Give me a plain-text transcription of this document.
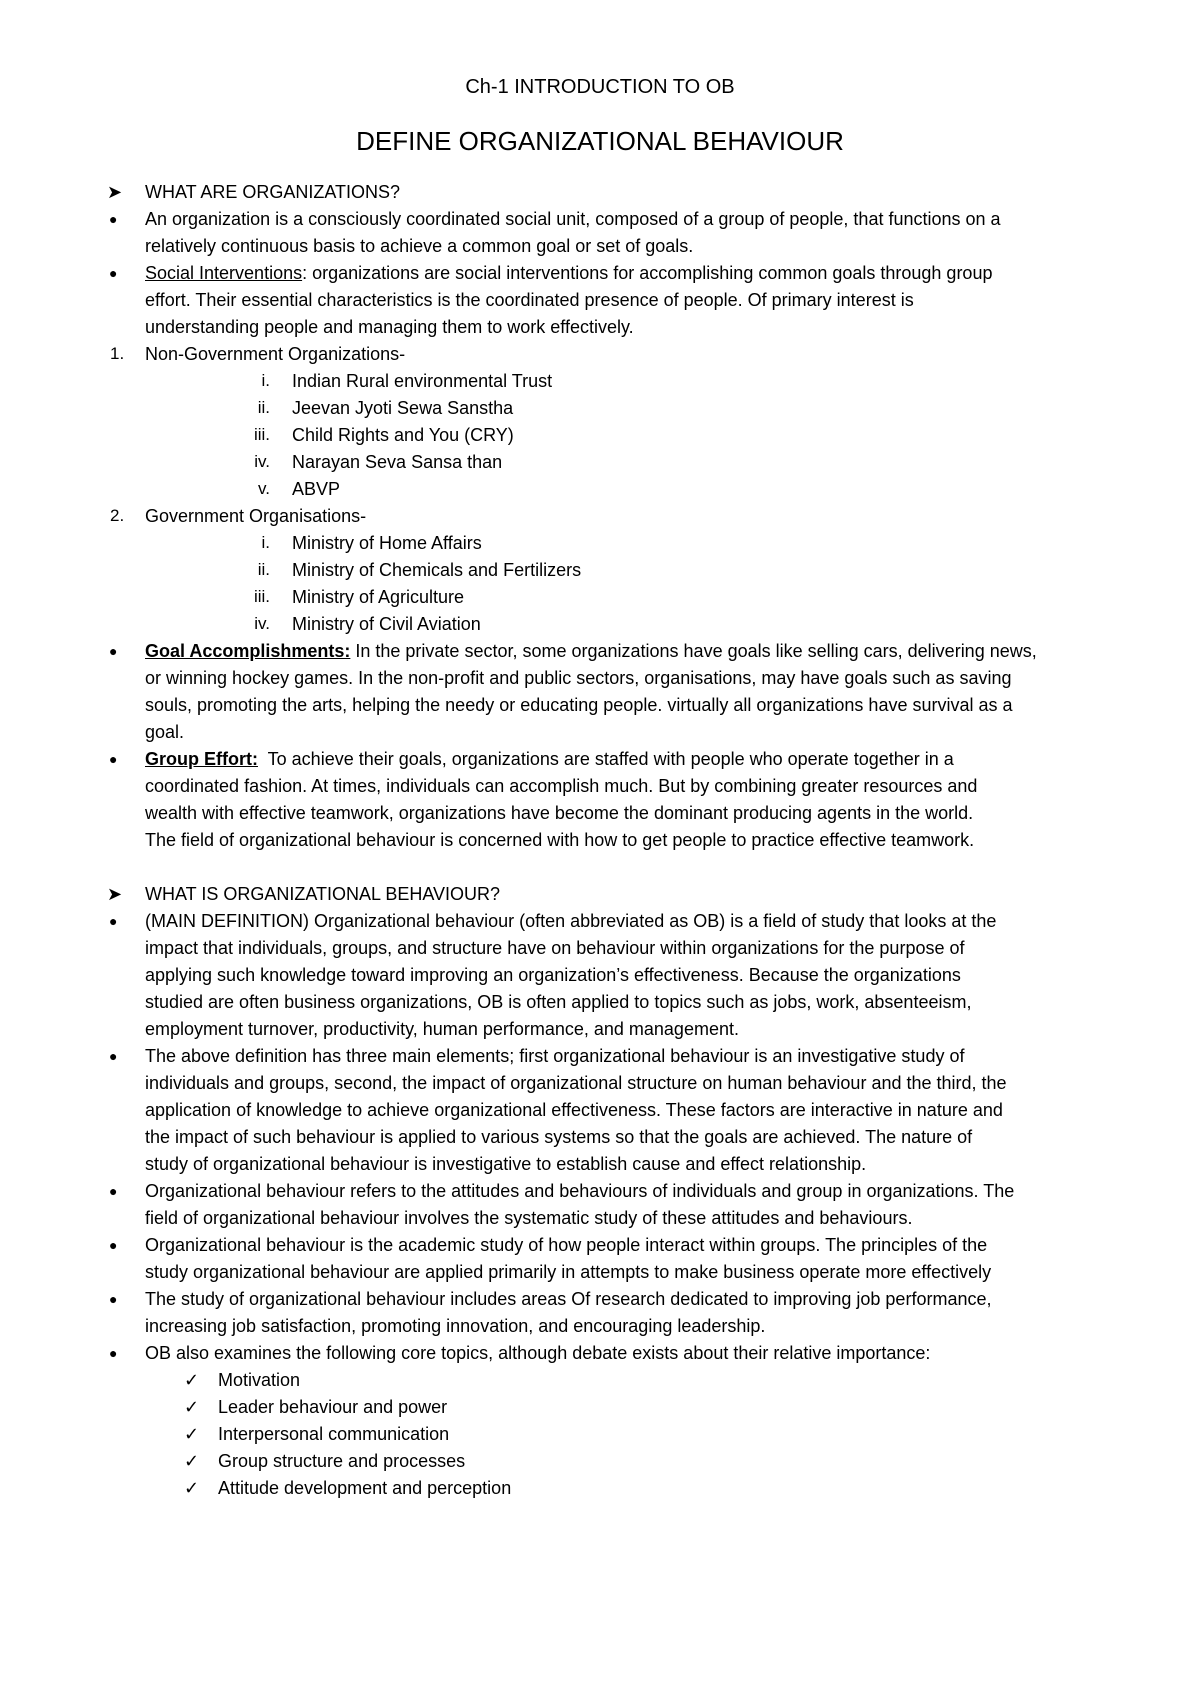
Ch-1 INTRODUCTION TO OB
DEFINE ORGANIZATIONAL BEHAVIOUR
➤ WHAT ARE ORGANIZATIONS?
● An organization is a consciously coordinated social unit, composed of a group of people, that functions on a
relatively continuous basis to achieve a common goal or set of goals.
● Social Interventions: organizations are social interventions for accomplishing common goals through group
effort. Their essential characteristics is the coordinated presence of people. Of primary interest is
understanding people and managing them to work effectively.
1. Non-Government Organizations-
i. Indian Rural environmental Trust
ii. Jeevan Jyoti Sewa Sanstha
iii. Child Rights and You (CRY)
iv. Narayan Seva Sansa than
v. ABVP
2. Government Organisations-
i. Ministry of Home Affairs
ii. Ministry of Chemicals and Fertilizers
iii. Ministry of Agriculture
iv. Ministry of Civil Aviation
● Goal Accomplishments: In the private sector, some organizations have goals like selling cars, delivering news,
or winning hockey games. In the non-profit and public sectors, organisations, may have goals such as saving
souls, promoting the arts, helping the needy or educating people. virtually all organizations have survival as a
goal.
● Group Effort:  To achieve their goals, organizations are staffed with people who operate together in a
coordinated fashion. At times, individuals can accomplish much. But by combining greater resources and
wealth with effective teamwork, organizations have become the dominant producing agents in the world.
The field of organizational behaviour is concerned with how to get people to practice effective teamwork.
➤ WHAT IS ORGANIZATIONAL BEHAVIOUR?
● (MAIN DEFINITION) Organizational behaviour (often abbreviated as OB) is a field of study that looks at the
impact that individuals, groups, and structure have on behaviour within organizations for the purpose of
applying such knowledge toward improving an organization’s effectiveness. Because the organizations
studied are often business organizations, OB is often applied to topics such as jobs, work, absenteeism,
employment turnover, productivity, human performance, and management.
● The above definition has three main elements; first organizational behaviour is an investigative study of
individuals and groups, second, the impact of organizational structure on human behaviour and the third, the
application of knowledge to achieve organizational effectiveness. These factors are interactive in nature and
the impact of such behaviour is applied to various systems so that the goals are achieved. The nature of
study of organizational behaviour is investigative to establish cause and effect relationship.
● Organizational behaviour refers to the attitudes and behaviours of individuals and group in organizations. The
field of organizational behaviour involves the systematic study of these attitudes and behaviours.
● Organizational behaviour is the academic study of how people interact within groups. The principles of the
study organizational behaviour are applied primarily in attempts to make business operate more effectively
● The study of organizational behaviour includes areas Of research dedicated to improving job performance,
increasing job satisfaction, promoting innovation, and encouraging leadership.
● OB also examines the following core topics, although debate exists about their relative importance:
✓ Motivation
✓ Leader behaviour and power
✓ Interpersonal communication
✓ Group structure and processes
✓ Attitude development and perception
